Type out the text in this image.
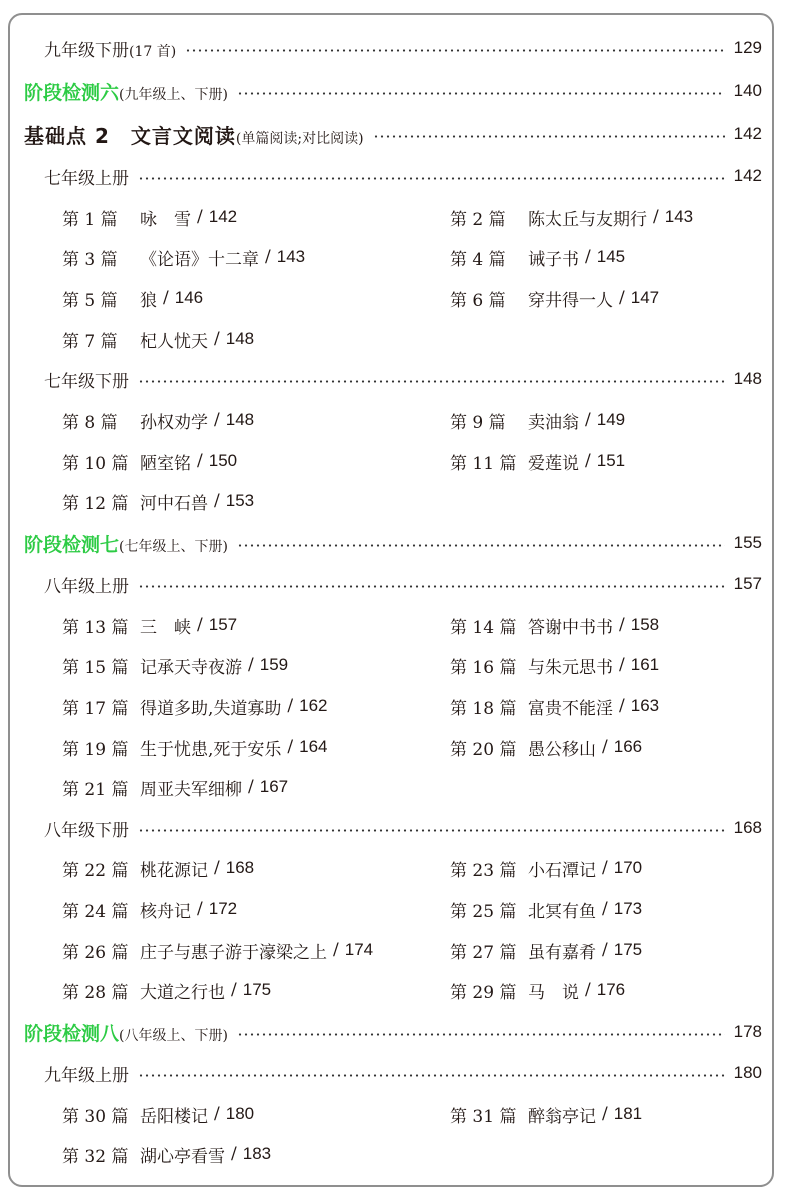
九年级下册(17 首)	129
阶段检测六(九年级上、下册)	140
基础点 2　文言文阅读(单篇阅读;对比阅读)	142
七年级上册	142
第 1 篇	咏　雪 / 142	第 2 篇	陈太丘与友期行 / 143
第 3 篇	《论语》十二章 / 143	第 4 篇	诫子书 / 145
第 5 篇	狼 / 146	第 6 篇	穿井得一人 / 147
第 7 篇	杞人忧天 / 148
七年级下册	148
第 8 篇	孙权劝学 / 148	第 9 篇	卖油翁 / 149
第 10 篇 陋室铭 / 150	第 11 篇 爱莲说 / 151
第 12 篇 河中石兽 / 153
阶段检测七(七年级上、下册)	155
八年级上册	157
第 13 篇 三　峡 / 157	第 14 篇 答谢中书书 / 158
第 15 篇 记承天寺夜游 / 159	第 16 篇 与朱元思书 / 161
第 17 篇 得道多助,失道寡助 / 162	第 18 篇 富贵不能淫 / 163
第 19 篇 生于忧患,死于安乐 / 164	第 20 篇 愚公移山 / 166
第 21 篇 周亚夫军细柳 / 167
八年级下册	168
第 22 篇 桃花源记 / 168	第 23 篇 小石潭记 / 170
第 24 篇 核舟记 / 172	第 25 篇 北冥有鱼 / 173
第 26 篇 庄子与惠子游于濠梁之上 / 174	第 27 篇 虽有嘉肴 / 175
第 28 篇 大道之行也 / 175	第 29 篇 马　说 / 176
阶段检测八(八年级上、下册)	178
九年级上册	180
第 30 篇 岳阳楼记 / 180	第 31 篇 醉翁亭记 / 181
第 32 篇 湖心亭看雪 / 183
